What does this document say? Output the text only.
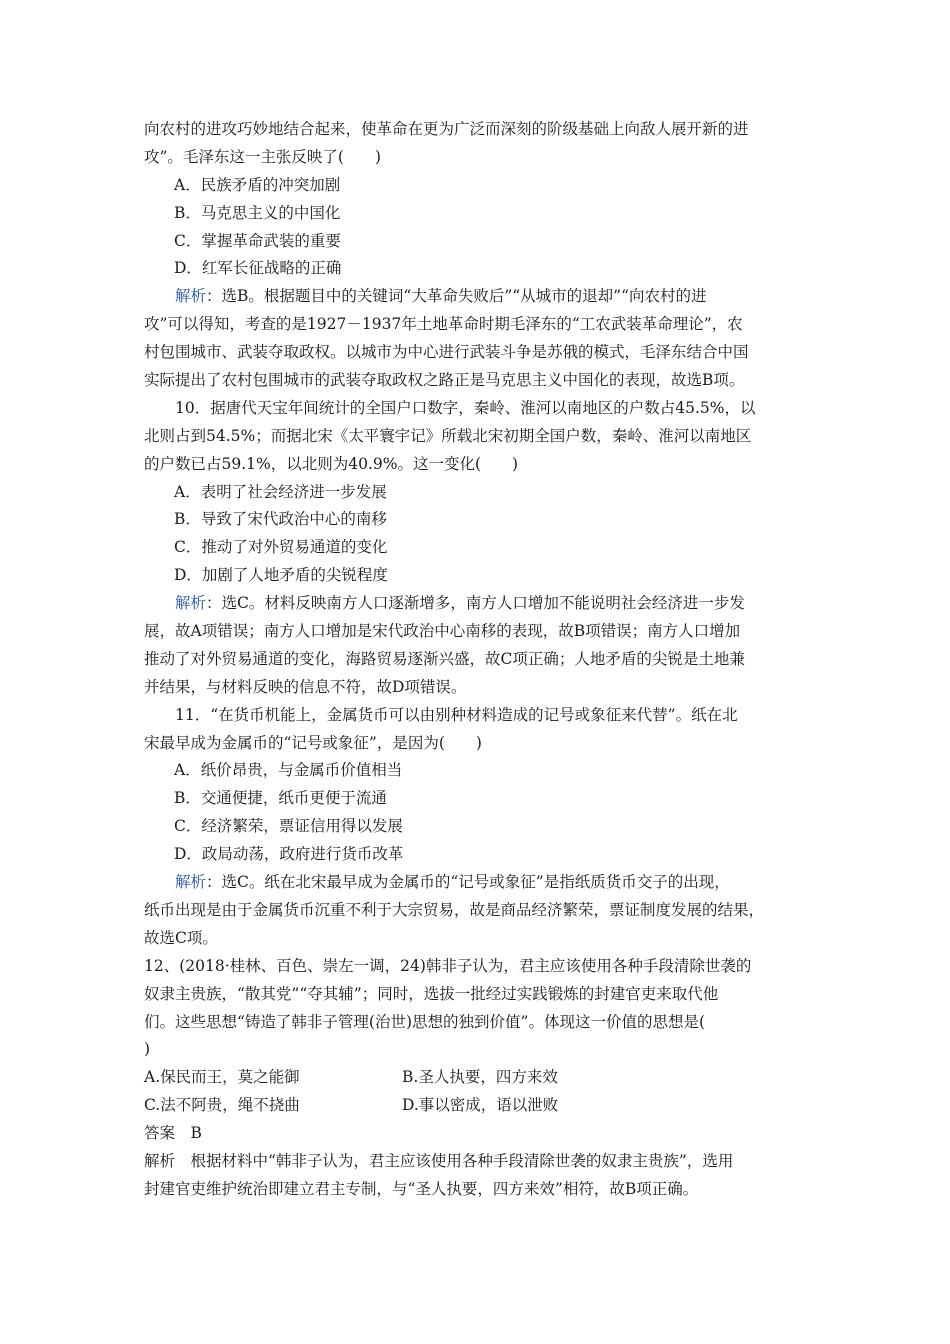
向农村的进攻巧妙地结合起来，使革命在更为广泛而深刻的阶级基础上向敌人展开新的进
攻”。毛泽东这一主张反映了(　　)
A．民族矛盾的冲突加剧
B．马克思主义的中国化
C．掌握革命武装的重要
D．红军长征战略的正确
解析：选B。根据题目中的关键词“大革命失败后”“从城市的退却”“向农村的进
攻”可以得知，考查的是1927－1937年土地革命时期毛泽东的“工农武装革命理论”，农
村包围城市、武装夺取政权。以城市为中心进行武装斗争是苏俄的模式，毛泽东结合中国
实际提出了农村包围城市的武装夺取政权之路正是马克思主义中国化的表现，故选B项。
10．据唐代天宝年间统计的全国户口数字，秦岭、淮河以南地区的户数占45.5%，以
北则占到54.5%；而据北宋《太平寰宇记》所载北宋初期全国户数，秦岭、淮河以南地区
的户数已占59.1%，以北则为40.9%。这一变化(　　)
A．表明了社会经济进一步发展
B．导致了宋代政治中心的南移
C．推动了对外贸易通道的变化
D．加剧了人地矛盾的尖锐程度
解析：选C。材料反映南方人口逐渐增多，南方人口增加不能说明社会经济进一步发
展，故A项错误；南方人口增加是宋代政治中心南移的表现，故B项错误；南方人口增加
推动了对外贸易通道的变化，海路贸易逐渐兴盛，故C项正确；人地矛盾的尖锐是土地兼
并结果，与材料反映的信息不符，故D项错误。
11．“在货币机能上，金属货币可以由别种材料造成的记号或象征来代替”。纸在北
宋最早成为金属币的“记号或象征”，是因为(　　)
A．纸价昂贵，与金属币价值相当
B．交通便捷，纸币更便于流通
C．经济繁荣，票证信用得以发展
D．政局动荡，政府进行货币改革
解析：选C。纸在北宋最早成为金属币的“记号或象征”是指纸质货币交子的出现，
纸币出现是由于金属货币沉重不利于大宗贸易，故是商品经济繁荣，票证制度发展的结果，
故选C项。
12、(2018·桂林、百色、崇左一调，24)韩非子认为，君主应该使用各种手段清除世袭的
奴隶主贵族，“散其党”“夺其辅”；同时，选拔一批经过实践锻炼的封建官吏来取代他
们。这些思想“铸造了韩非子管理(治世)思想的独到价值”。体现这一价值的思想是(
)
A.保民而王，莫之能御	B.圣人执要，四方来效
C.法不阿贵，绳不挠曲	D.事以密成，语以泄败
答案　B
解析　根据材料中“韩非子认为，君主应该使用各种手段清除世袭的奴隶主贵族”，选用
封建官吏维护统治即建立君主专制，与“圣人执要，四方来效”相符，故B项正确。
